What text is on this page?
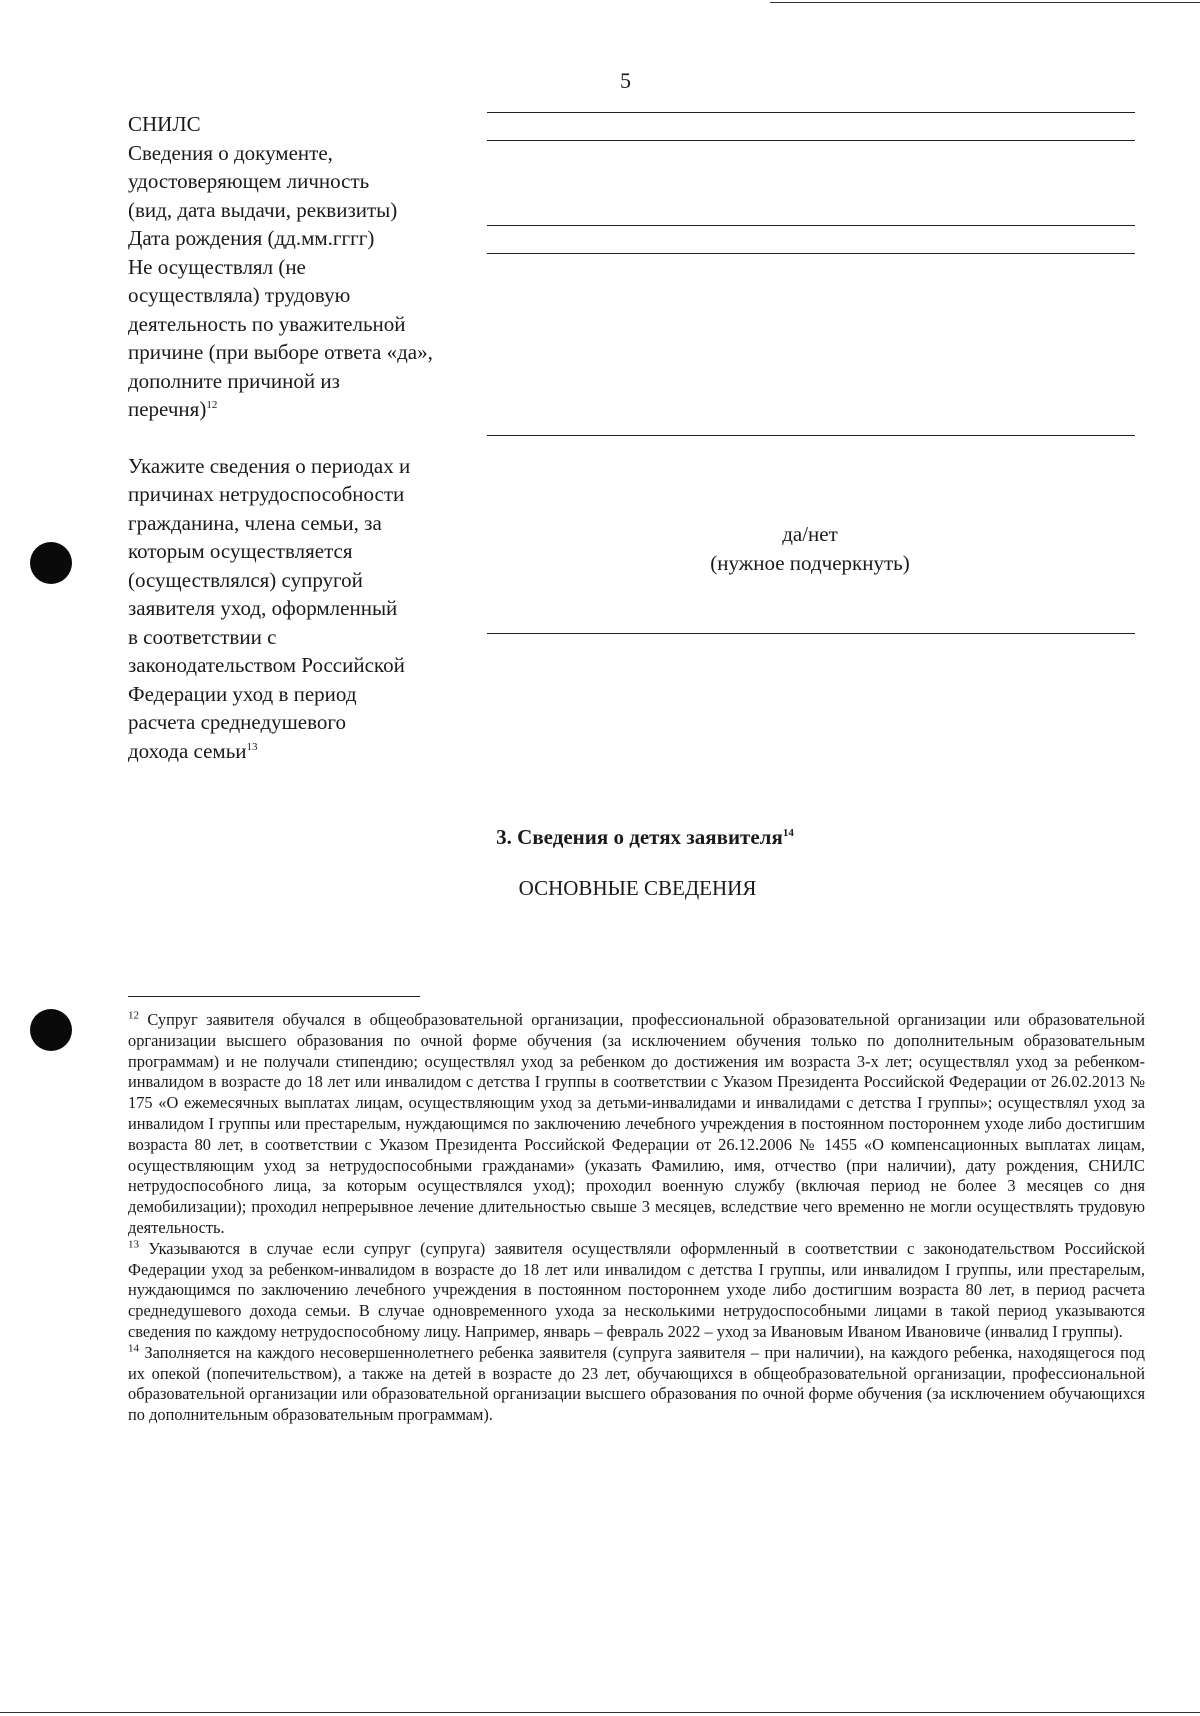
5

СНИЛС

Сведения о документе,

удостоверяющем личность

(вид, дата выдачи, реквизиты)

Дата рождения (дд.мм.гггг)

Не осуществлял (не

осуществляла) трудовую

деятельность по уважительной

причине (при выборе ответа «да»,

дополните причиной из

перечня)$^{12}$

Укажите сведения о периодах и

причинах нетрудоспособности

гражданина, члена семьи, за

которым осуществляется

(осуществлялся) супругой

заявителя уход, оформленный

в соответствии с

законодательством Российской

Федерации уход в период

расчета среднедушевого

дохода семьи$^{13}$

да/нет
(нужное подчеркнуть)
3. Сведения о детях заявителя$^{14}$
ОСНОВНЫЕ СВЕДЕНИЯ

$^{12}$ Супруг заявителя обучался в общеобразовательной организации, профессиональной образовательной организации или образовательной организации высшего образования по очной форме обучения (за исключением обучения только по дополнительным образовательным программам) и не получали стипендию; осуществлял уход за ребенком до достижения им возраста 3-х лет; осуществлял уход за ребенком-инвалидом в возрасте до 18 лет или инвалидом с детства I группы в соответствии с Указом Президента Российской Федерации от 26.02.2013 № 175 «О ежемесячных выплатах лицам, осуществляющим уход за детьми-инвалидами и инвалидами с детства I группы»; осуществлял уход за инвалидом I группы или престарелым, нуждающимся по заключению лечебного учреждения в постоянном постороннем уходе либо достигшим возраста 80 лет, в соответствии с Указом Президента Российской Федерации от 26.12.2006 № 1455 «О компенсационных выплатах лицам, осуществляющим уход за нетрудоспособными гражданами» (указать Фамилию, имя, отчество (при наличии), дату рождения, СНИЛС нетрудоспособного лица, за которым осуществлялся уход); проходил военную службу (включая период не более 3 месяцев со дня демобилизации); проходил непрерывное лечение длительностью свыше 3 месяцев, вследствие чего временно не могли осуществлять трудовую деятельность.

$^{13}$ Указываются в случае если супруг (супруга) заявителя осуществляли оформленный в соответствии с законодательством Российской Федерации уход за ребенком-инвалидом в возрасте до 18 лет или инвалидом с детства I группы, или инвалидом I группы, или престарелым, нуждающимся по заключению лечебного учреждения в постоянном постороннем уходе либо достигшим возраста 80 лет, в период расчета среднедушевого дохода семьи. В случае одновременного ухода за несколькими нетрудоспособными лицами в такой период указываются сведения по каждому нетрудоспособному лицу. Например, январь – февраль 2022 – уход за Ивановым Иваном Ивановиче (инвалид I группы).

$^{14}$ Заполняется на каждого несовершеннолетнего ребенка заявителя (супруга заявителя – при наличии), на каждого ребенка, находящегося под их опекой (попечительством), а также на детей в возрасте до 23 лет, обучающихся в общеобразовательной организации, профессиональной образовательной организации или образовательной организации высшего образования по очной форме обучения (за исключением обучающихся по дополнительным образовательным программам).
